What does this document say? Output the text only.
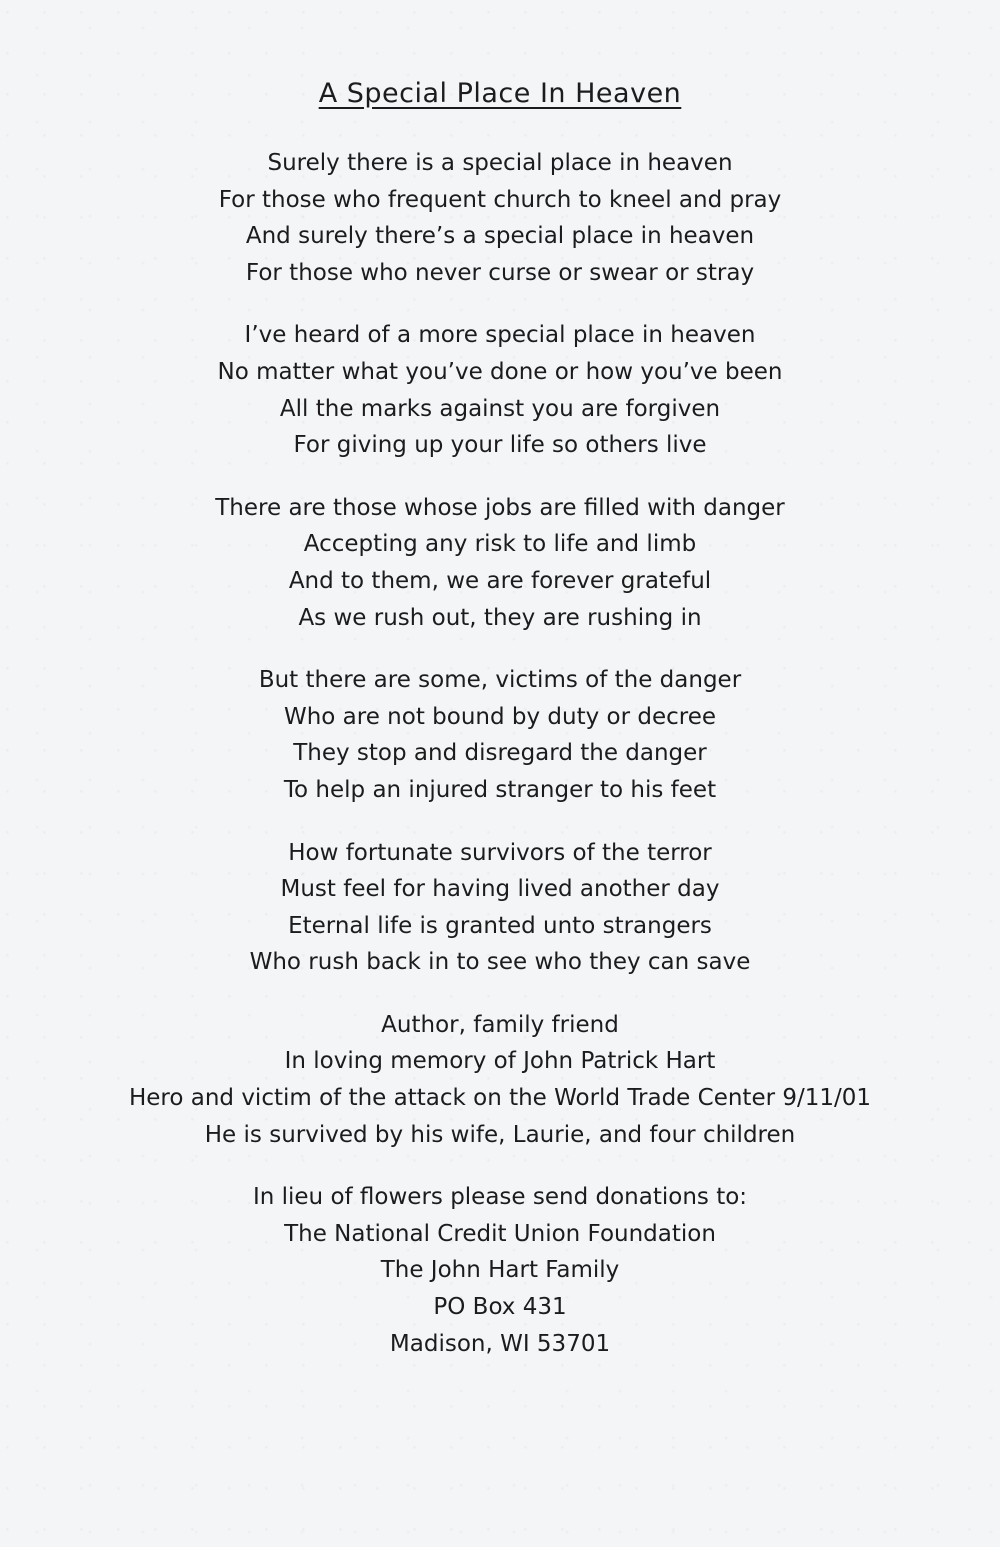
A Special Place In Heaven
Surely there is a special place in heaven
For those who frequent church to kneel and pray
And surely there’s a special place in heaven
For those who never curse or swear or stray
I’ve heard of a more special place in heaven
No matter what you’ve done or how you’ve been
All the marks against you are forgiven
For giving up your life so others live
There are those whose jobs are filled with danger
Accepting any risk to life and limb
And to them, we are forever grateful
As we rush out, they are rushing in
But there are some, victims of the danger
Who are not bound by duty or decree
They stop and disregard the danger
To help an injured stranger to his feet
How fortunate survivors of the terror
Must feel for having lived another day
Eternal life is granted unto strangers
Who rush back in to see who they can save
Author, family friend
In loving memory of John Patrick Hart
Hero and victim of the attack on the World Trade Center 9/11/01
He is survived by his wife, Laurie, and four children
In lieu of flowers please send donations to:
The National Credit Union Foundation
The John Hart Family
PO Box 431
Madison, WI 53701
